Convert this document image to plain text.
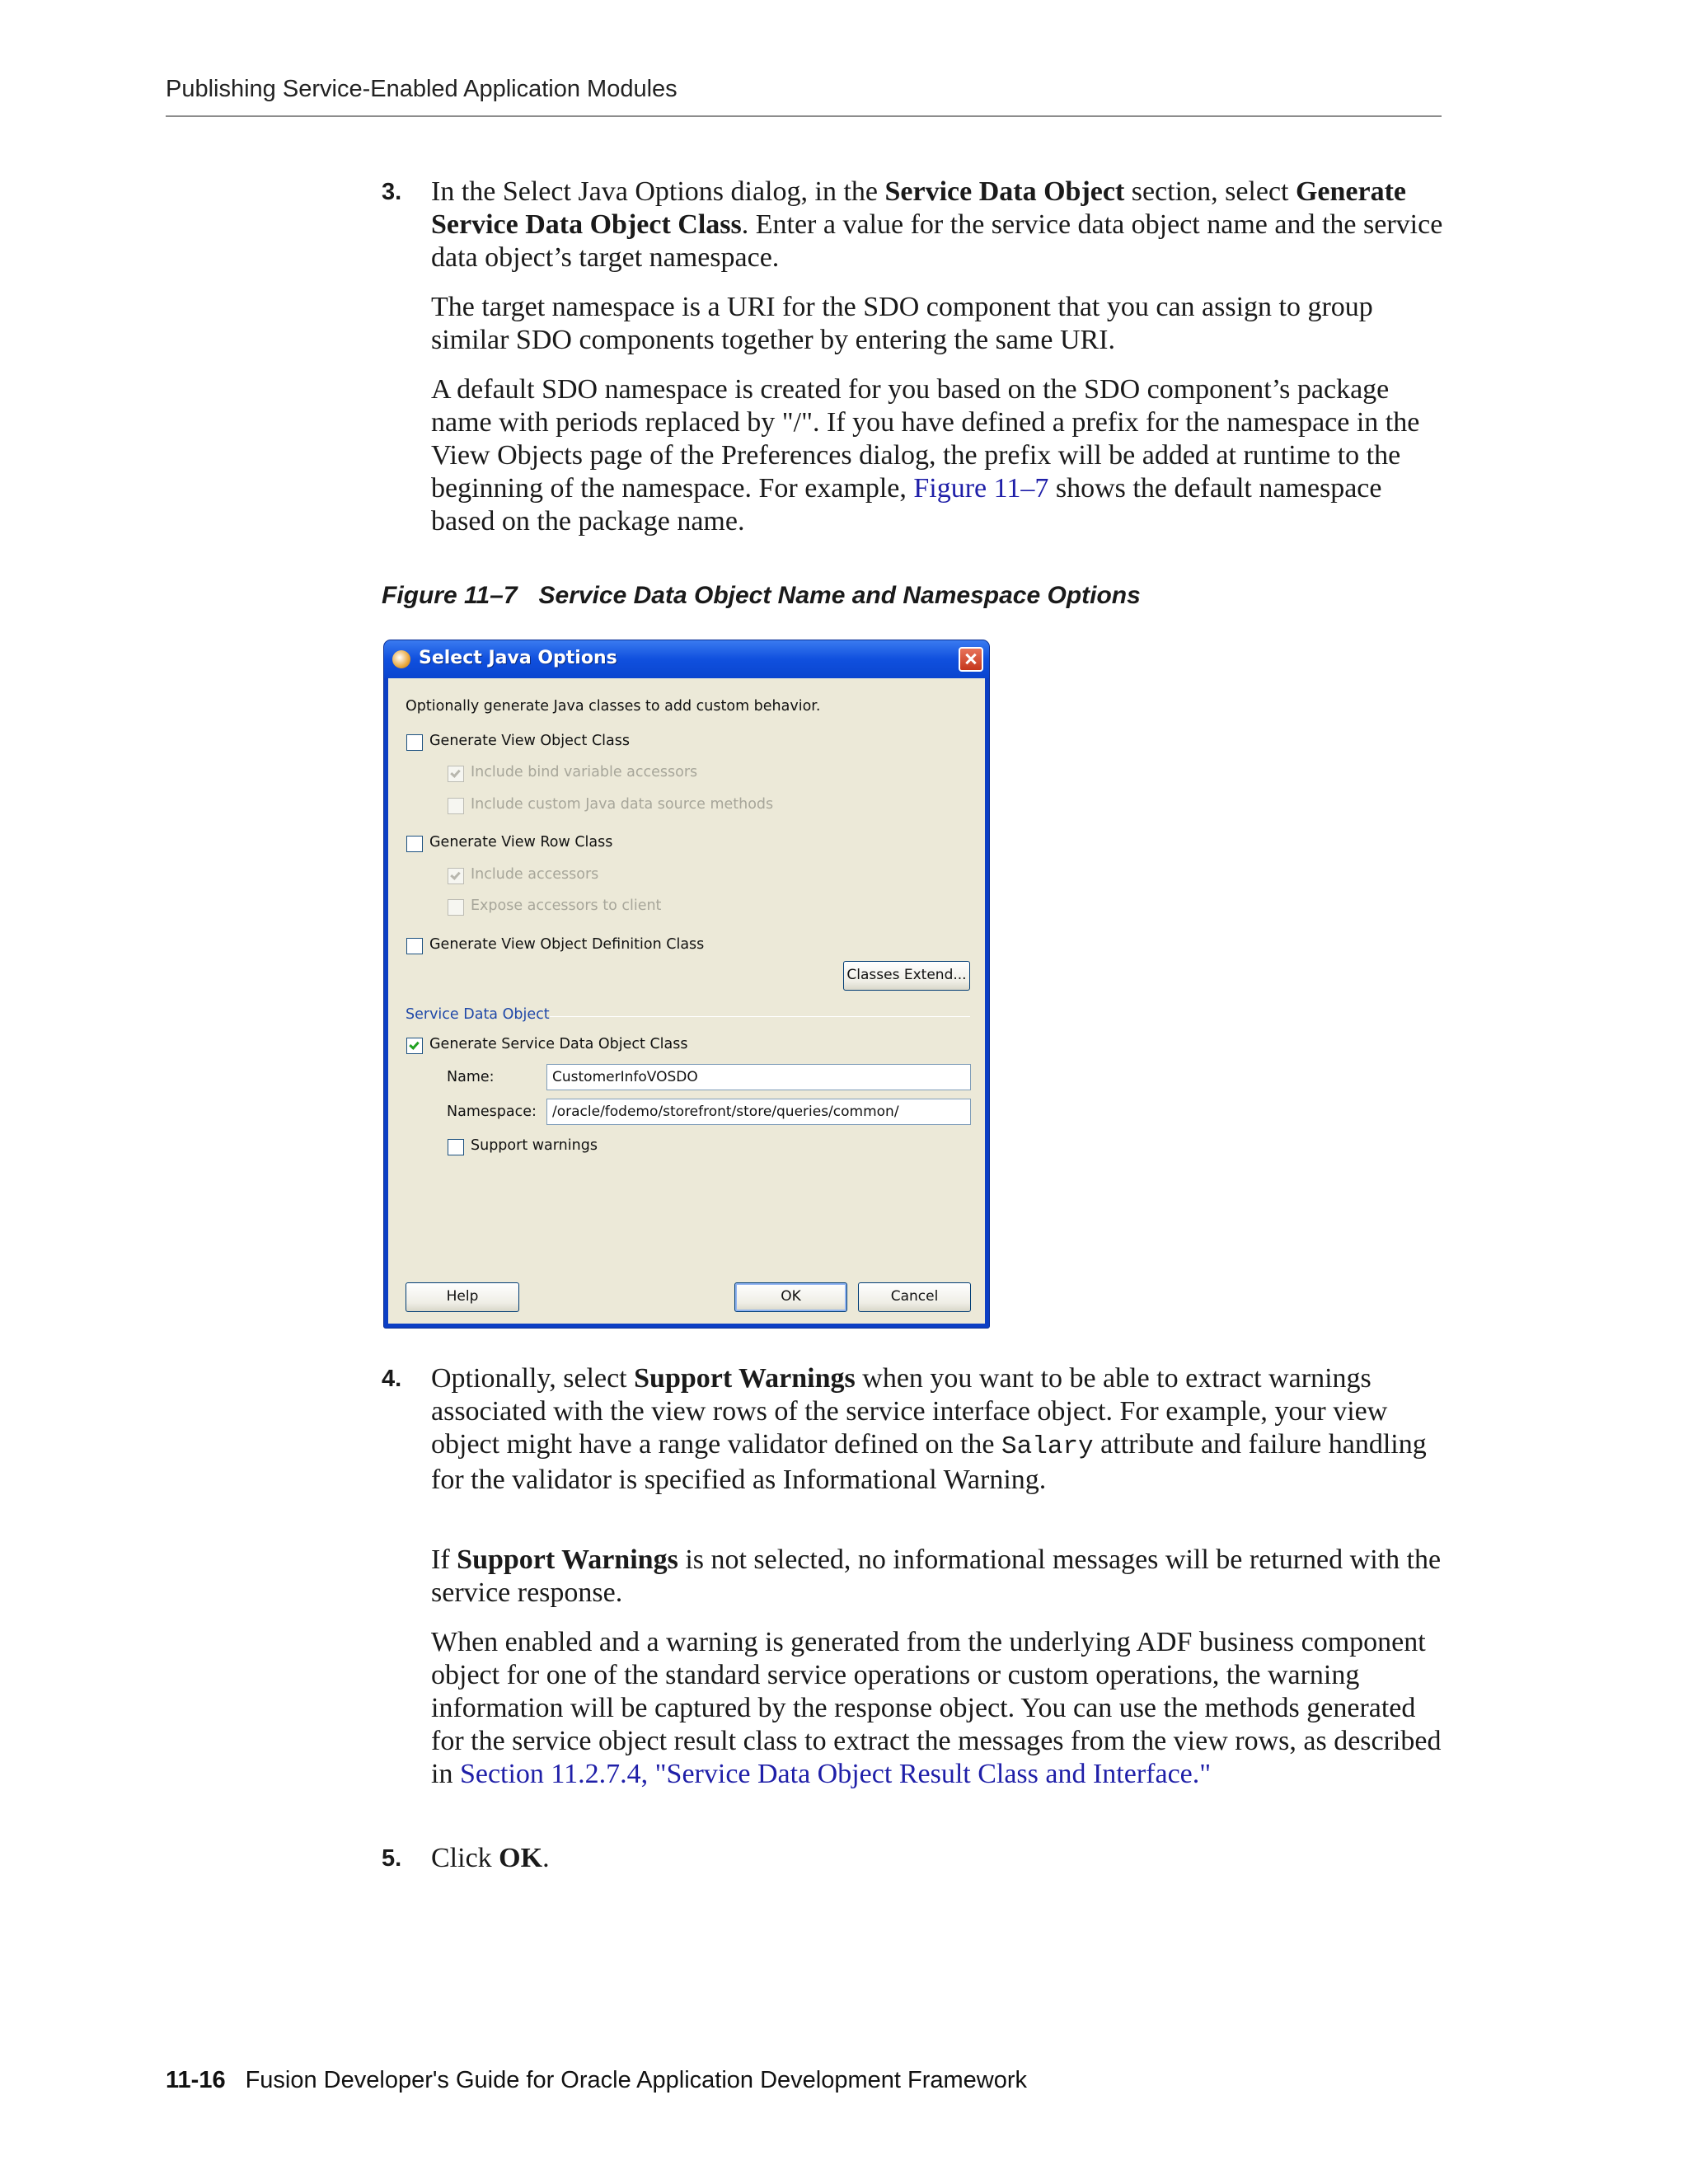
Publishing Service-Enabled Application Modules
3. In the Select Java Options dialog, in the Service Data Object section, select Generate Service Data Object Class. Enter a value for the service data object name and the service data object’s target namespace.
The target namespace is a URI for the SDO component that you can assign to group similar SDO components together by entering the same URI.
A default SDO namespace is created for you based on the SDO component’s package name with periods replaced by "/". If you have defined a prefix for the namespace in the View Objects page of the Preferences dialog, the prefix will be added at runtime to the beginning of the namespace. For example, Figure 11–7 shows the default namespace based on the package name.
Figure 11–7 Service Data Object Name and Namespace Options
Select Java Options
Optionally generate Java classes to add custom behavior.
Generate View Object Class
Include bind variable accessors
Include custom Java data source methods
Generate View Row Class
Include accessors
Expose accessors to client
Generate View Object Definition Class
Classes Extend...
Service Data Object
Generate Service Data Object Class
Name:	CustomerInfoVOSDO
Namespace:	/oracle/fodemo/storefront/store/queries/common/
Support warnings
Help	OK	Cancel
4. Optionally, select Support Warnings when you want to be able to extract warnings associated with the view rows of the service interface object. For example, your view object might have a range validator defined on the Salary attribute and failure handling for the validator is specified as Informational Warning.
If Support Warnings is not selected, no informational messages will be returned with the service response.
When enabled and a warning is generated from the underlying ADF business component object for one of the standard service operations or custom operations, the warning information will be captured by the response object. You can use the methods generated for the service object result class to extract the messages from the view rows, as described in Section 11.2.7.4, "Service Data Object Result Class and Interface."
5. Click OK.
11-16 Fusion Developer's Guide for Oracle Application Development Framework
